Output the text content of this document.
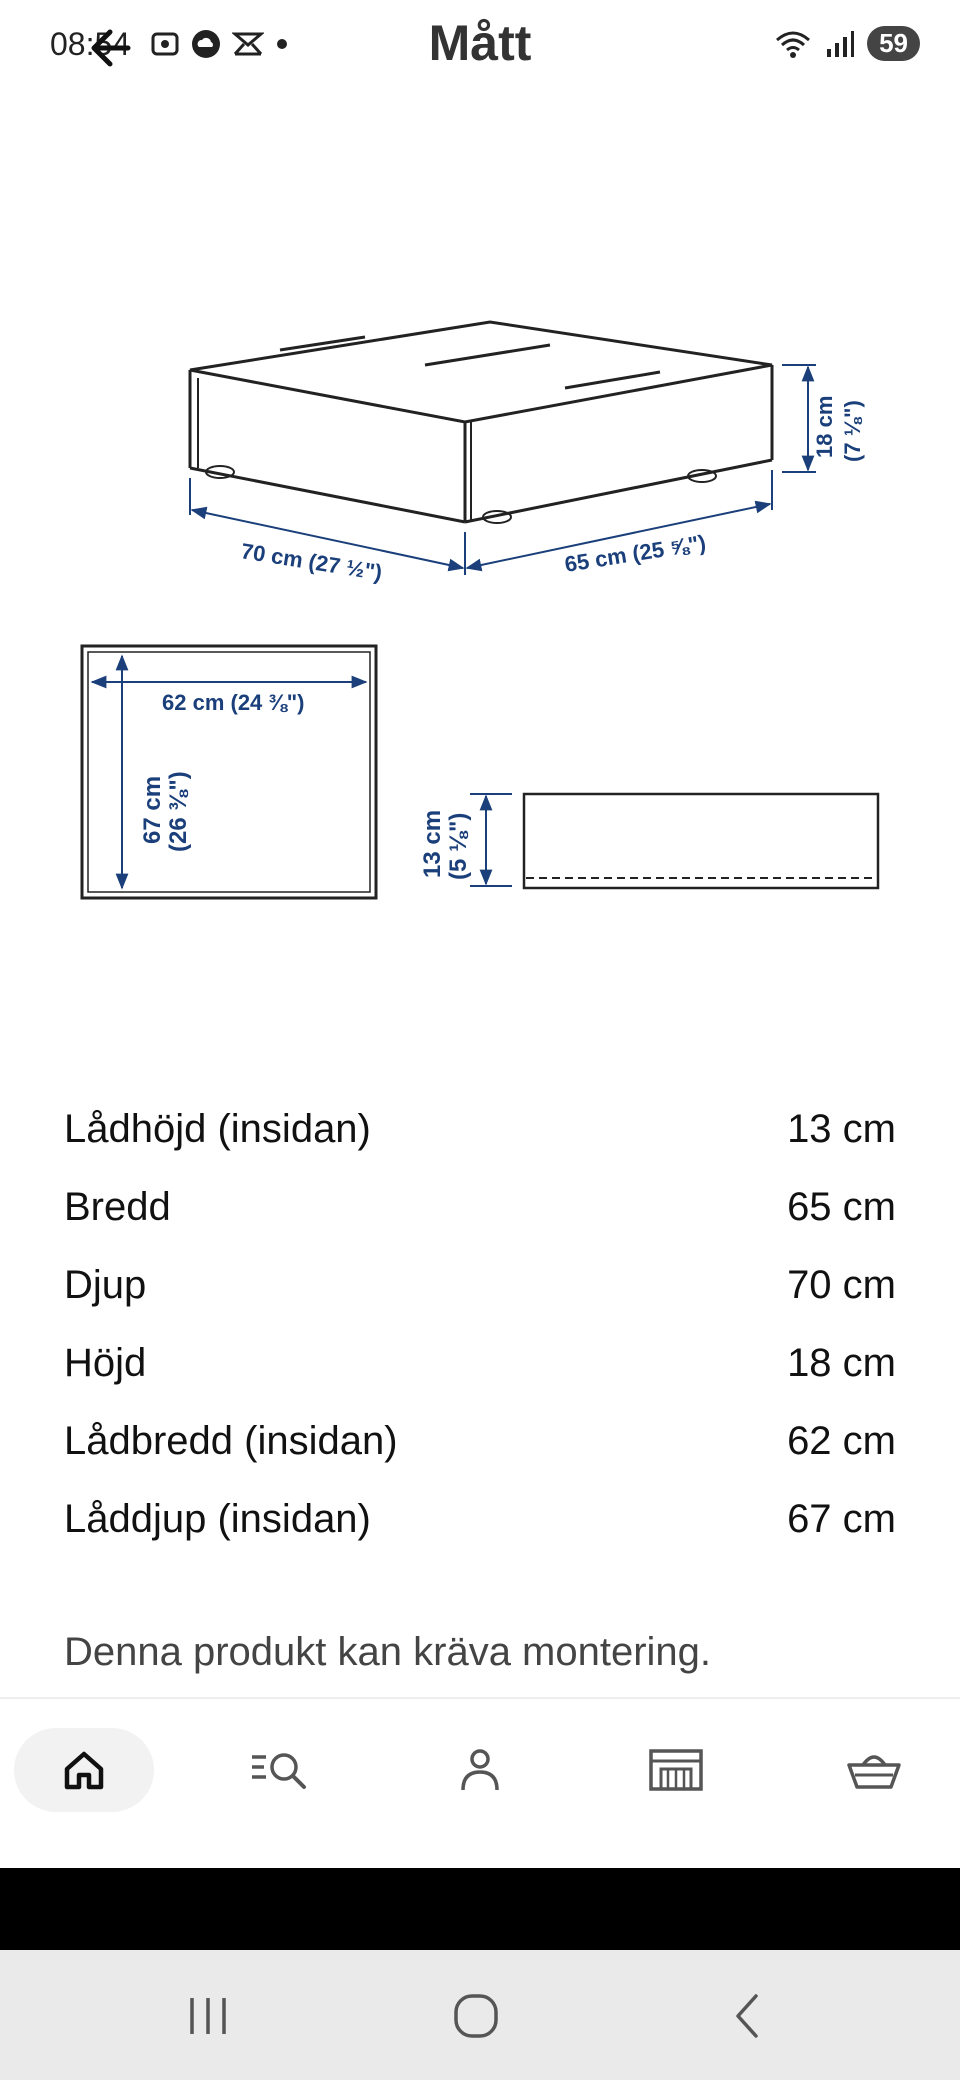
08:54	Mått	59
70 cm (27 ½")	65 cm (25 ⅝")
18 cm (7 ⅛")
62 cm (24 ⅜")
67 cm (26 ⅜")	13 cm (5 ⅛")
Lådhöjd (insidan)	13 cm
Bredd	65 cm
Djup	70 cm
Höjd	18 cm
Lådbredd (insidan)	62 cm
Låddjup (insidan)	67 cm
Denna produkt kan kräva montering.
